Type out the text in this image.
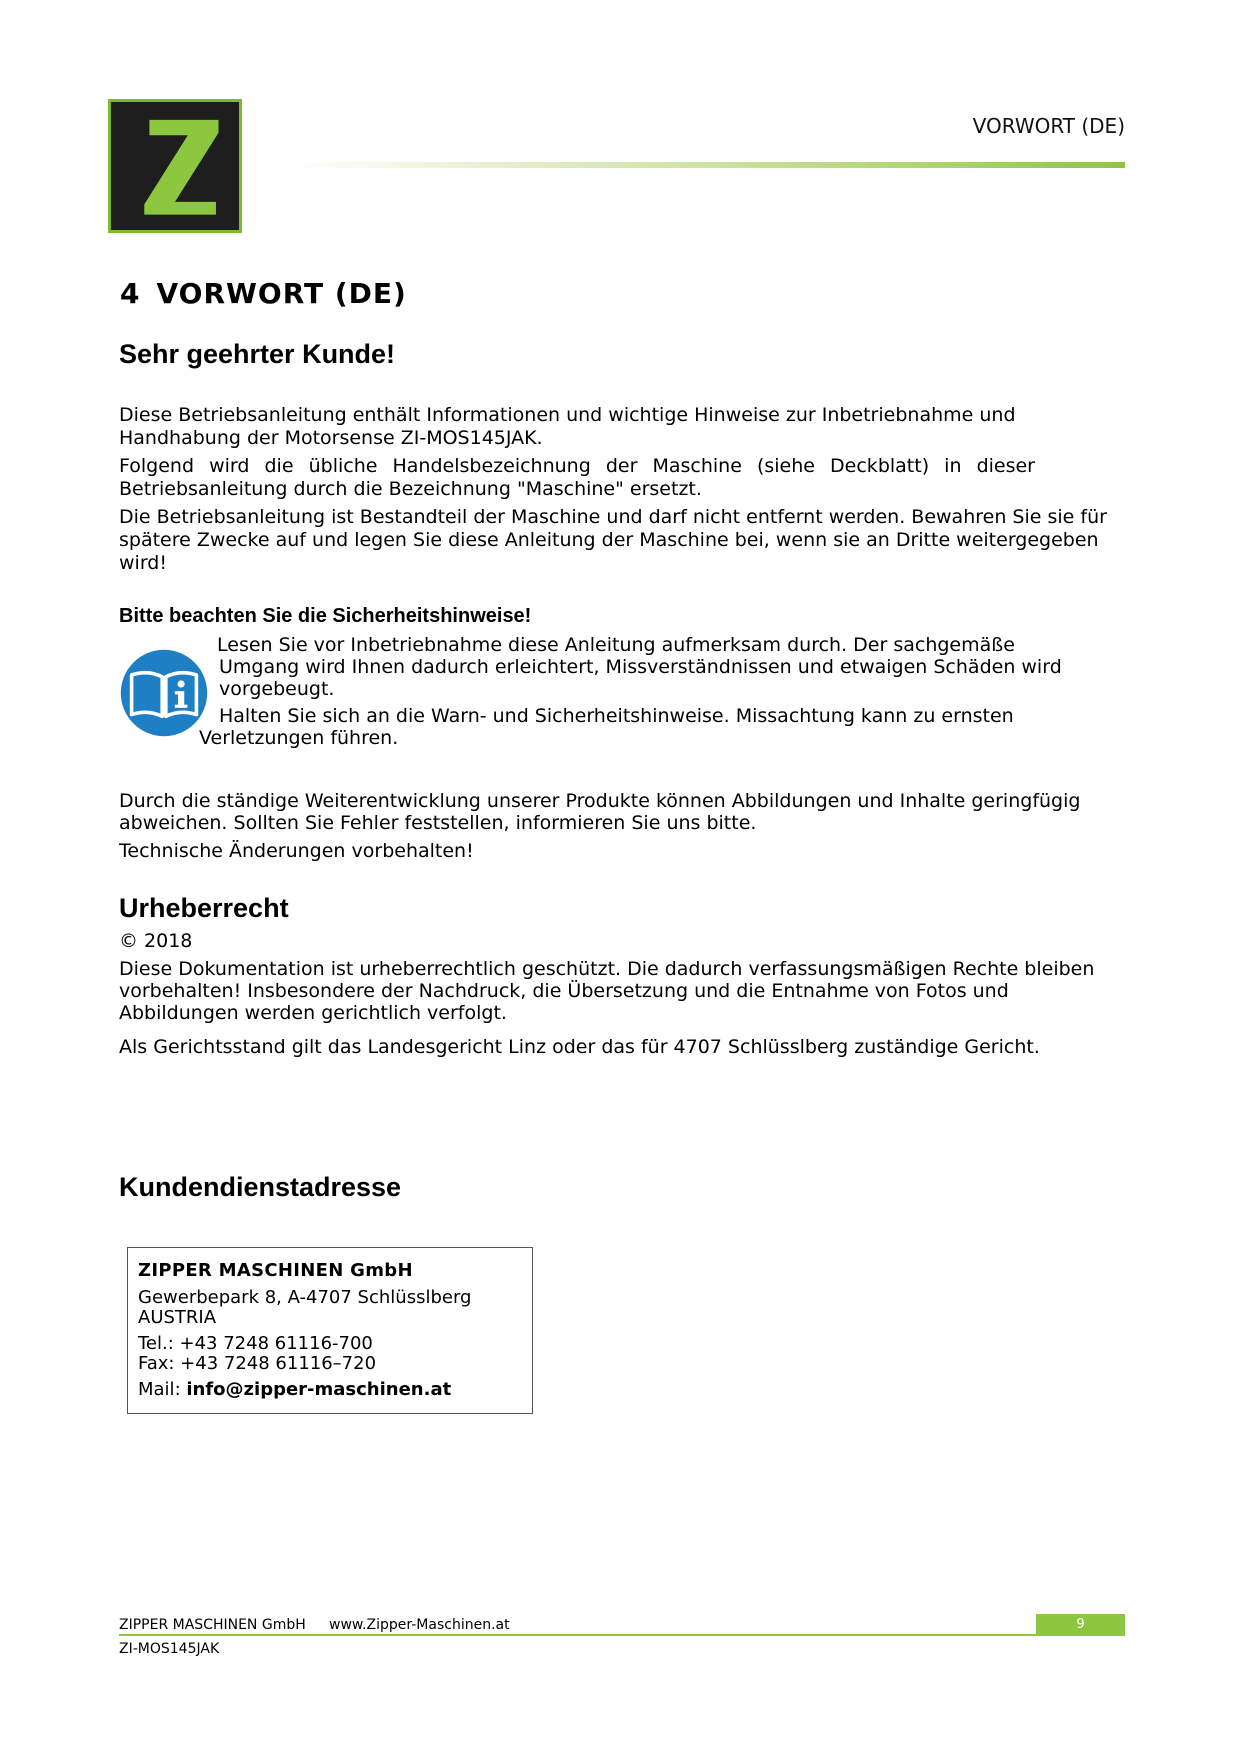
VORWORT (DE)
4 VORWORT (DE)
Sehr geehrter Kunde!
Diese Betriebsanleitung enthält Informationen und wichtige Hinweise zur Inbetriebnahme und
Handhabung der Motorsense ZI-MOS145JAK.
Folgend wird die übliche Handelsbezeichnung der Maschine (siehe Deckblatt) in dieser
Betriebsanleitung durch die Bezeichnung "Maschine" ersetzt.
Die Betriebsanleitung ist Bestandteil der Maschine und darf nicht entfernt werden. Bewahren Sie sie für spätere Zwecke auf und legen Sie diese Anleitung der Maschine bei, wenn sie an Dritte weitergegeben wird!
Bitte beachten Sie die Sicherheitshinweise!
Lesen Sie vor Inbetriebnahme diese Anleitung aufmerksam durch. Der sachgemäße
Umgang wird Ihnen dadurch erleichtert, Missverständnissen und etwaigen Schäden wird
vorgebeugt.
Halten Sie sich an die Warn- und Sicherheitshinweise. Missachtung kann zu ernsten
Verletzungen führen.
Durch die ständige Weiterentwicklung unserer Produkte können Abbildungen und Inhalte geringfügig abweichen. Sollten Sie Fehler feststellen, informieren Sie uns bitte.
Technische Änderungen vorbehalten!
Urheberrecht
© 2018
Diese Dokumentation ist urheberrechtlich geschützt. Die dadurch verfassungsmäßigen Rechte bleiben vorbehalten! Insbesondere der Nachdruck, die Übersetzung und die Entnahme von Fotos und Abbildungen werden gerichtlich verfolgt.
Als Gerichtsstand gilt das Landesgericht Linz oder das für 4707 Schlüsslberg zuständige Gericht.
Kundendienstadresse
ZIPPER MASCHINEN GmbH
Gewerbepark 8, A-4707 Schlüsslberg
AUSTRIA
Tel.: +43 7248 61116-700
Fax: +43 7248 61116–720
Mail: info@zipper-maschinen.at
ZIPPER MASCHINEN GmbH www.Zipper-Maschinen.at	9
ZI-MOS145JAK
